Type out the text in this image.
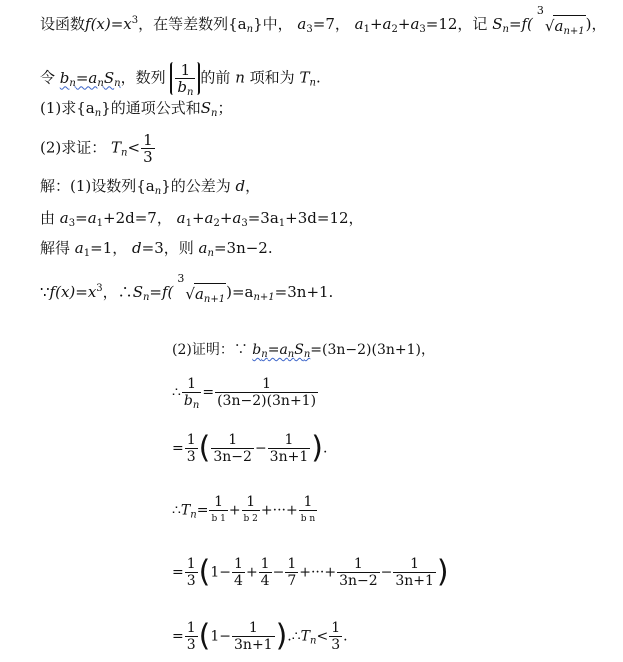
设函数$f(x)=x^3$，在等差数列$\{a_n\}$中， $a_3=7$， $a_1+a_2+a_3=12$，记 $S_n=f$(
3
$√a_{n+1}$)，
令 $b_n=a_nS_n$，数列 $\frac{1}{b_n}$ 的前 n 项和为 $T_n$.
(1)求$\{a_n\}$的通项公式和$S_n$；
(2)求证： $T_n< \frac{1}{3}$
解：(1)设数列$\{a_n\}$的公差为 d，
由 $a_3=a_1+2d=7$， $a_1+a_2+a_3=3a_1+3d=12$，
解得 $a_1=1$， d=3，则 $a_n=3n-2$.
$\because f(x)=x^3$，$\therefore S_n=f$(
3
$√a_{n+1})=a_{n+1}=3n+1$.
(2)证明：∵ $b_n=a_nS_n=(3n-2)(3n+1)$，
∴ $\frac{1}{b_n} = \frac{1}{(3n-2)(3n+1)}$
= $\frac{1}{3}$ ( $\frac{1}{3n-2} - \frac{1}{3n+1}$ ).
$\therefore T_n= \frac{1}{b 1} + \frac{1}{b 2}$ +···+ $\frac{1}{\text{b n}}$
= $\frac{1}{3} (1- \frac{1}{4} + \frac{1}{4} - \frac{1}{7}$ +···+ $\frac{1}{3n-2} - \frac{1}{3n+1}$ )
= $\frac{1}{3} (1- \frac{1}{3n+1}$ )$.\therefore T_n< \frac{1}{3}$ .
